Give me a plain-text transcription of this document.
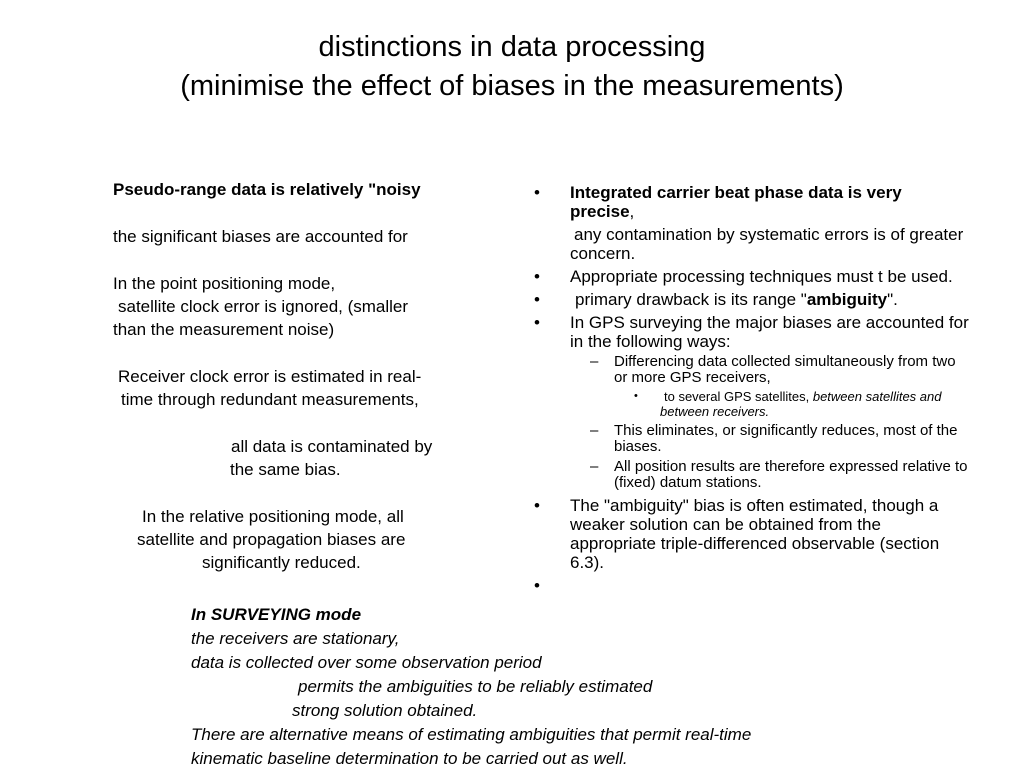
distinctions in data processing
(minimise the effect of biases in the measurements)

Pseudo-range data is relatively "noisy

the significant biases are accounted for

In the point positioning mode,

satellite clock error is ignored, (smaller

than the measurement noise)

Receiver clock error is estimated in real-

time through redundant measurements,

all data is contaminated by

the same bias.

In the relative positioning mode, all

satellite and propagation biases are

significantly reduced.

• Integrated carrier beat phase data is very precise,
any contamination by systematic errors is of greater concern.
• Appropriate processing techniques must t be used.
• primary drawback is its range "ambiguity".
• In GPS surveying the major biases are accounted for in the following ways:
– Differencing data collected simultaneously from two or more GPS receivers,
• to several GPS satellites, between satellites and between receivers.
– This eliminates, or significantly reduces, most of the biases.
– All position results are therefore expressed relative to (fixed) datum stations.
• The "ambiguity" bias is often estimated, though a weaker solution can be obtained from the appropriate triple-differenced observable (section 6.3).
•

In SURVEYING mode

the receivers are stationary,

data is collected over some observation period

permits the ambiguities to be reliably estimated

strong solution obtained.

There are alternative means of estimating ambiguities that permit real-time

kinematic baseline determination to be carried out as well.
